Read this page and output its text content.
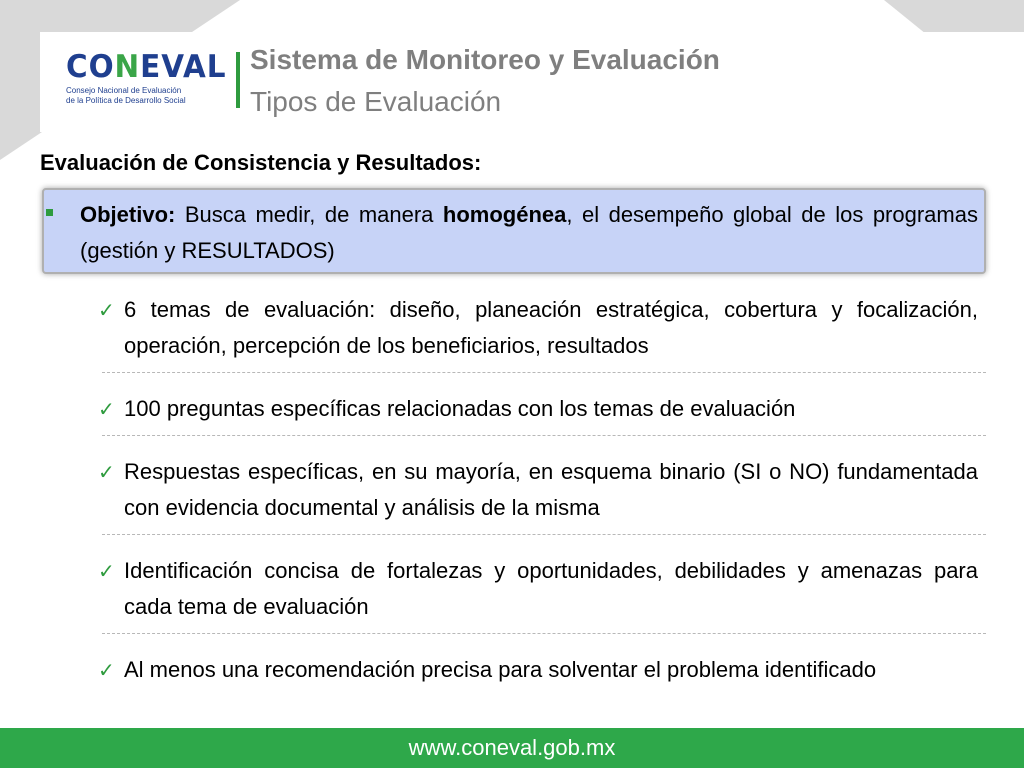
CONEVAL
Consejo Nacional de Evaluación
de la Política de Desarrollo Social
Sistema de Monitoreo y Evaluación
Tipos de Evaluación
Evaluación de Consistencia y Resultados:
Objetivo: Busca medir, de manera homogénea, el desempeño global de los programas (gestión y RESULTADOS)
✓ 6 temas de evaluación: diseño, planeación estratégica, cobertura y focalización, operación, percepción de los beneficiarios, resultados
✓ 100 preguntas específicas relacionadas con los temas de evaluación
✓ Respuestas específicas, en su mayoría, en esquema binario (SI o NO) fundamentada con evidencia documental y análisis de la misma
✓ Identificación concisa de fortalezas y oportunidades, debilidades y amenazas para cada tema de evaluación
✓ Al menos una recomendación precisa para solventar el problema identificado
www.coneval.gob.mx
